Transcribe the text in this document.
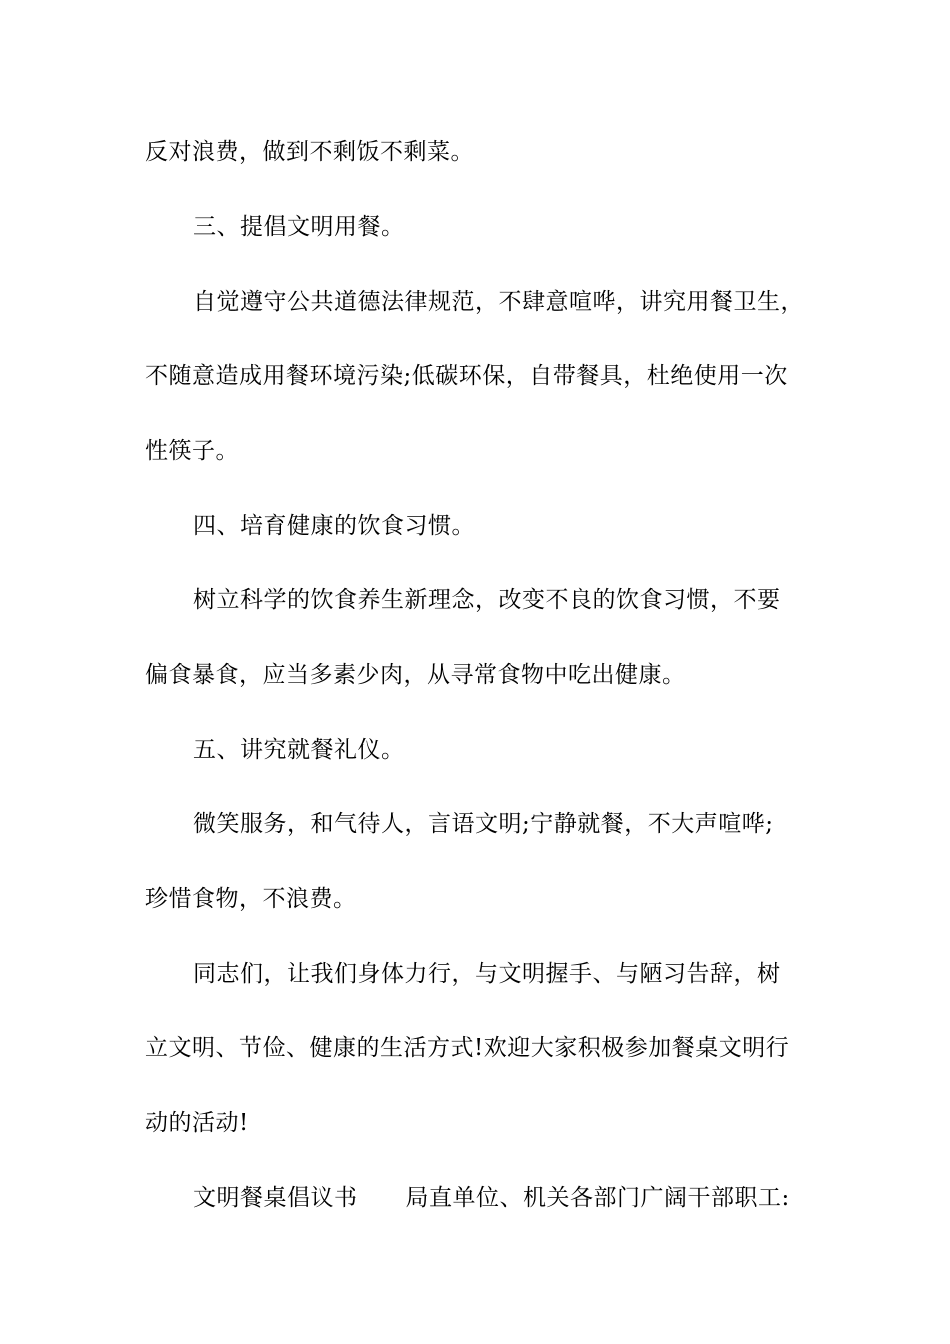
反对浪费，做到不剩饭不剩菜。
三、提倡文明用餐。
自觉遵守公共道德法律规范，不肆意喧哗，讲究用餐卫生，
不随意造成用餐环境污染;低碳环保，自带餐具，杜绝使用一次
性筷子。
四、培育健康的饮食习惯。
树立科学的饮食养生新理念，改变不良的饮食习惯，不要
偏食暴食，应当多素少肉，从寻常食物中吃出健康。
五、讲究就餐礼仪。
微笑服务，和气待人，言语文明;宁静就餐，不大声喧哗;
珍惜食物，不浪费。
同志们，让我们身体力行，与文明握手、与陋习告辞，树
立文明、节俭、健康的生活方式!欢迎大家积极参加餐桌文明行
动的活动!
文明餐桌倡议书 局直单位、机关各部门广阔干部职工:
